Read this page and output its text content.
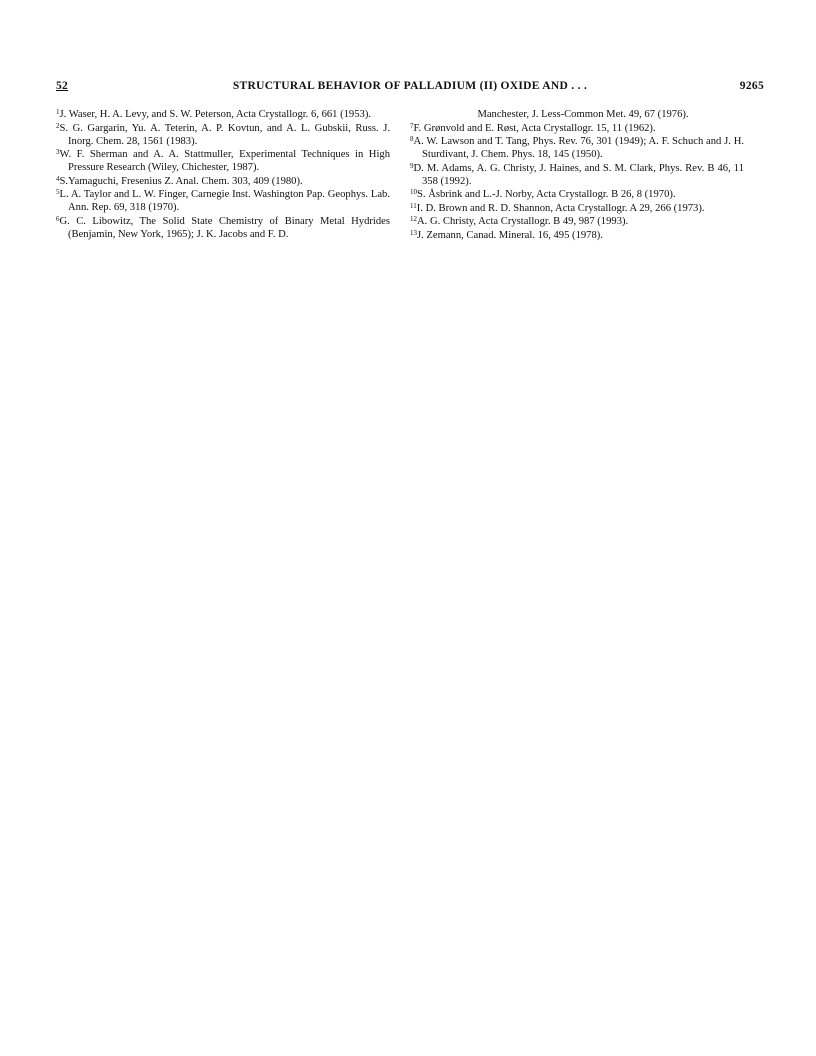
52	STRUCTURAL BEHAVIOR OF PALLADIUM (II) OXIDE AND . . .	9265
$^1$J. Waser, H. A. Levy, and S. W. Peterson, Acta Crystallogr. 6, 661 (1953).
$^2$S. G. Gargarin, Yu. A. Teterin, A. P. Kovtun, and A. L. Gubskii, Russ. J. Inorg. Chem. 28, 1561 (1983).
$^3$W. F. Sherman and A. A. Stattmuller, Experimental Techniques in High Pressure Research (Wiley, Chichester, 1987).
$^4$S.Yamaguchi, Fresenius Z. Anal. Chem. 303, 409 (1980).
$^5$L. A. Taylor and L. W. Finger, Carnegie Inst. Washington Pap. Geophys. Lab. Ann. Rep. 69, 318 (1970).
$^6$G. C. Libowitz, The Solid State Chemistry of Binary Metal Hydrides (Benjamin, New York, 1965); J. K. Jacobs and F. D.
Manchester, J. Less-Common Met. 49, 67 (1976).
$^7$F. Grønvold and E. Røst, Acta Crystallogr. 15, 11 (1962).
$^8$A. W. Lawson and T. Tang, Phys. Rev. 76, 301 (1949); A. F. Schuch and J. H. Sturdivant, J. Chem. Phys. 18, 145 (1950).
$^9$D. M. Adams, A. G. Christy, J. Haines, and S. M. Clark, Phys. Rev. B 46, 11 358 (1992).
$^{10}$S. Åsbrink and L.-J. Norby, Acta Crystallogr. B 26, 8 (1970).
$^{11}$I. D. Brown and R. D. Shannon, Acta Crystallogr. A 29, 266 (1973).
$^{12}$A. G. Christy, Acta Crystallogr. B 49, 987 (1993).
$^{13}$J. Zemann, Canad. Mineral. 16, 495 (1978).
